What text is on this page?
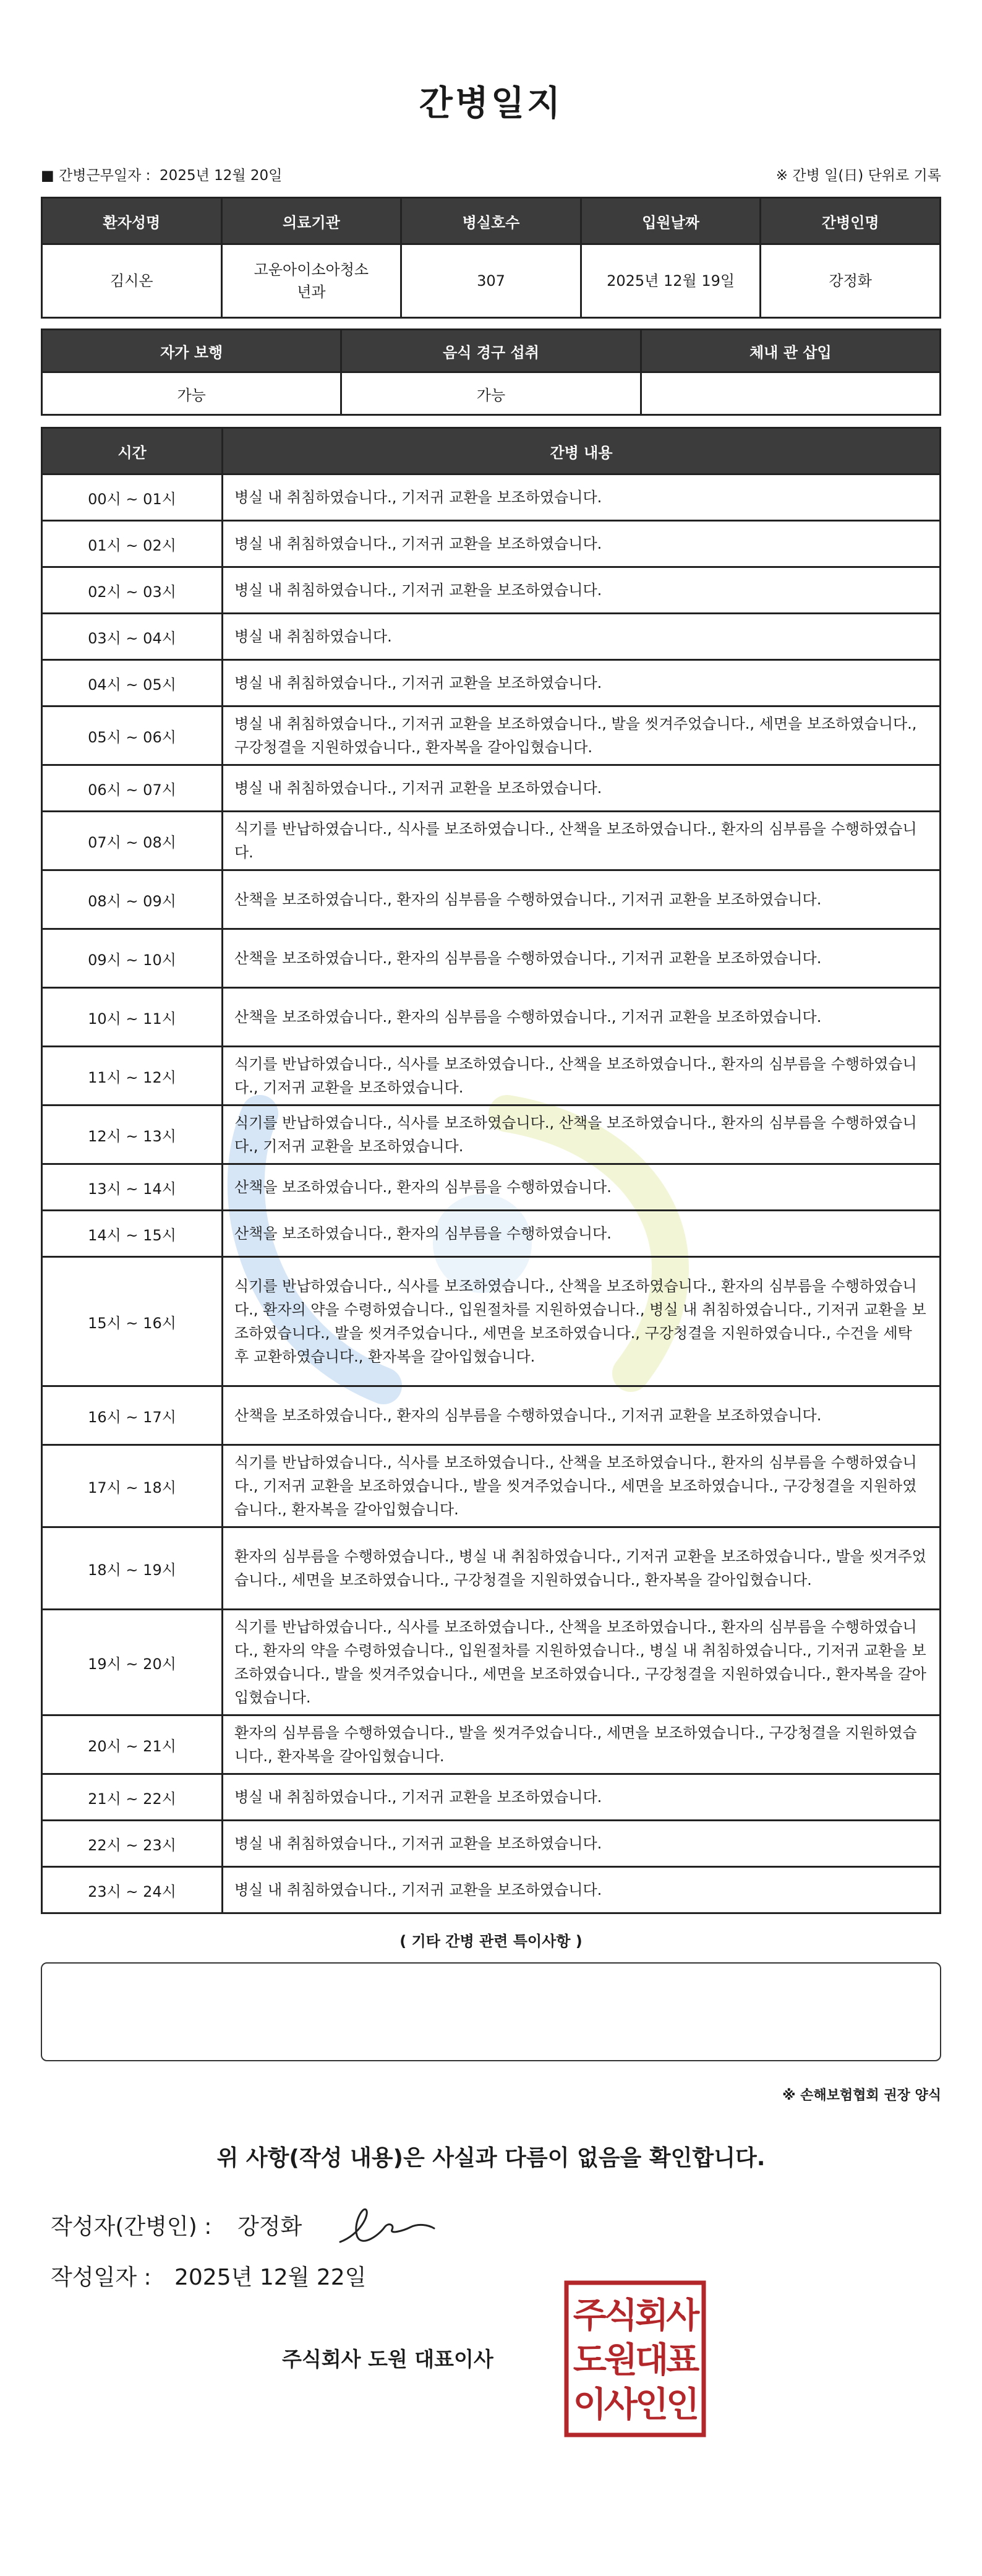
간병일지
■ 간병근무일자 : 2025년 12월 20일	※ 간병 일(日) 단위로 기록
환자성명	의료기관	병실호수	입원날짜	간병인명
김시온	고운아이소아청소년과	307	2025년 12월 19일	강정화
자가 보행	음식 경구 섭취	체내 관 삽입
가능	가능	
시간	간병 내용
00시 ~ 01시	병실 내 취침하였습니다., 기저귀 교환을 보조하였습니다.
01시 ~ 02시	병실 내 취침하였습니다., 기저귀 교환을 보조하였습니다.
02시 ~ 03시	병실 내 취침하였습니다., 기저귀 교환을 보조하였습니다.
03시 ~ 04시	병실 내 취침하였습니다.
04시 ~ 05시	병실 내 취침하였습니다., 기저귀 교환을 보조하였습니다.
05시 ~ 06시	병실 내 취침하였습니다., 기저귀 교환을 보조하였습니다., 발을 씻겨주었습니다., 세면을 보조하였습니다., 구강청결을 지원하였습니다., 환자복을 갈아입혔습니다.
06시 ~ 07시	병실 내 취침하였습니다., 기저귀 교환을 보조하였습니다.
07시 ~ 08시	식기를 반납하였습니다., 식사를 보조하였습니다., 산책을 보조하였습니다., 환자의 심부름을 수행하였습니다.
08시 ~ 09시	산책을 보조하였습니다., 환자의 심부름을 수행하였습니다., 기저귀 교환을 보조하였습니다.
09시 ~ 10시	산책을 보조하였습니다., 환자의 심부름을 수행하였습니다., 기저귀 교환을 보조하였습니다.
10시 ~ 11시	산책을 보조하였습니다., 환자의 심부름을 수행하였습니다., 기저귀 교환을 보조하였습니다.
11시 ~ 12시	식기를 반납하였습니다., 식사를 보조하였습니다., 산책을 보조하였습니다., 환자의 심부름을 수행하였습니다., 기저귀 교환을 보조하였습니다.
12시 ~ 13시	식기를 반납하였습니다., 식사를 보조하였습니다., 산책을 보조하였습니다., 환자의 심부름을 수행하였습니다., 기저귀 교환을 보조하였습니다.
13시 ~ 14시	산책을 보조하였습니다., 환자의 심부름을 수행하였습니다.
14시 ~ 15시	산책을 보조하였습니다., 환자의 심부름을 수행하였습니다.
15시 ~ 16시	식기를 반납하였습니다., 식사를 보조하였습니다., 산책을 보조하였습니다., 환자의 심부름을 수행하였습니다., 환자의 약을 수령하였습니다., 입원절차를 지원하였습니다., 병실 내 취침하였습니다., 기저귀 교환을 보조하였습니다., 발을 씻겨주었습니다., 세면을 보조하였습니다., 구강청결을 지원하였습니다., 수건을 세탁 후 교환하였습니다., 환자복을 갈아입혔습니다.
16시 ~ 17시	산책을 보조하였습니다., 환자의 심부름을 수행하였습니다., 기저귀 교환을 보조하였습니다.
17시 ~ 18시	식기를 반납하였습니다., 식사를 보조하였습니다., 산책을 보조하였습니다., 환자의 심부름을 수행하였습니다., 기저귀 교환을 보조하였습니다., 발을 씻겨주었습니다., 세면을 보조하였습니다., 구강청결을 지원하였습니다., 환자복을 갈아입혔습니다.
18시 ~ 19시	환자의 심부름을 수행하였습니다., 병실 내 취침하였습니다., 기저귀 교환을 보조하였습니다., 발을 씻겨주었습니다., 세면을 보조하였습니다., 구강청결을 지원하였습니다., 환자복을 갈아입혔습니다.
19시 ~ 20시	식기를 반납하였습니다., 식사를 보조하였습니다., 산책을 보조하였습니다., 환자의 심부름을 수행하였습니다., 환자의 약을 수령하였습니다., 입원절차를 지원하였습니다., 병실 내 취침하였습니다., 기저귀 교환을 보조하였습니다., 발을 씻겨주었습니다., 세면을 보조하였습니다., 구강청결을 지원하였습니다., 환자복을 갈아입혔습니다.
20시 ~ 21시	환자의 심부름을 수행하였습니다., 발을 씻겨주었습니다., 세면을 보조하였습니다., 구강청결을 지원하였습니다., 환자복을 갈아입혔습니다.
21시 ~ 22시	병실 내 취침하였습니다., 기저귀 교환을 보조하였습니다.
22시 ~ 23시	병실 내 취침하였습니다., 기저귀 교환을 보조하였습니다.
23시 ~ 24시	병실 내 취침하였습니다., 기저귀 교환을 보조하였습니다.
( 기타 간병 관련 특이사항 )
※ 손해보험협회 권장 양식
위 사항(작성 내용)은 사실과 다름이 없음을 확인합니다.
작성자(간병인) : 강정화
작성일자 : 2025년 12월 22일
주식회사 도원 대표이사
주식회사
도원대표
이사인인
